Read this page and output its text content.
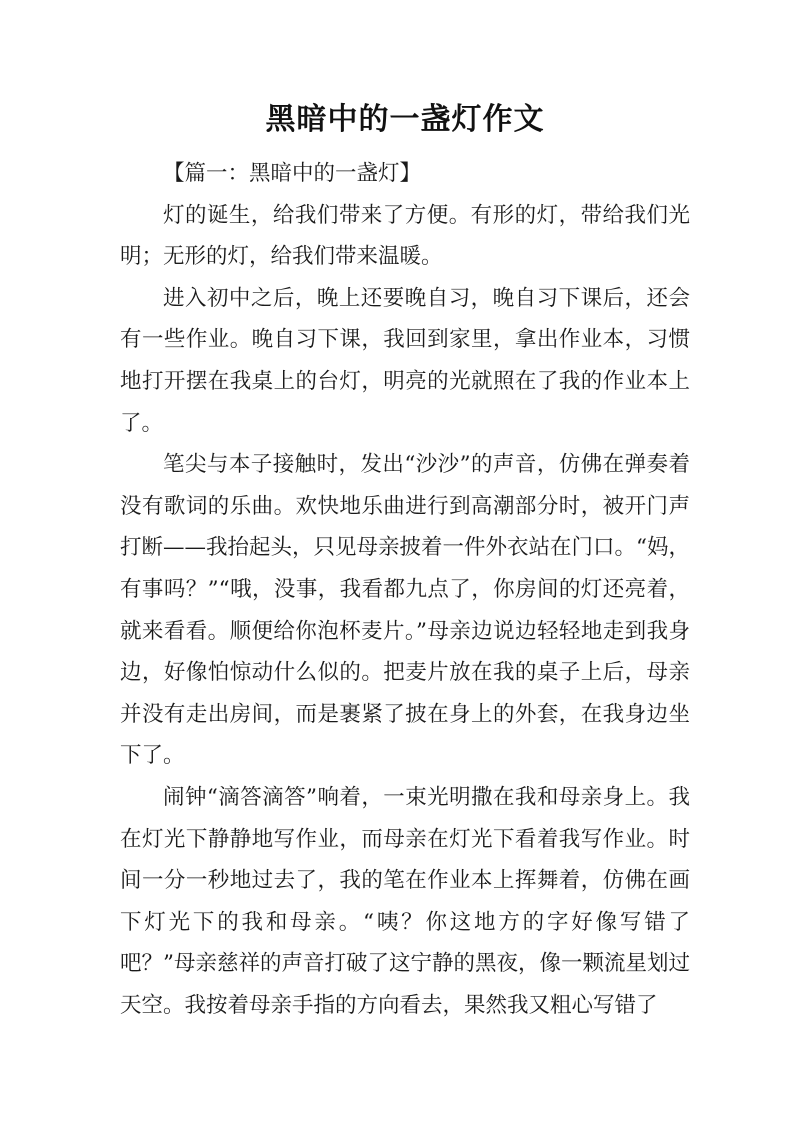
黑暗中的一盏灯作文

【篇一：黑暗中的一盏灯】

灯的诞生，给我们带来了方便。有形的灯，带给我们光明；无形的灯，给我们带来温暖。

进入初中之后，晚上还要晚自习，晚自习下课后，还会有一些作业。晚自习下课，我回到家里，拿出作业本，习惯地打开摆在我桌上的台灯，明亮的光就照在了我的作业本上了。

笔尖与本子接触时，发出“沙沙”的声音，仿佛在弹奏着没有歌词的乐曲。欢快地乐曲进行到高潮部分时，被开门声打断——我抬起头，只见母亲披着一件外衣站在门口。“妈，有事吗？”“哦，没事，我看都九点了，你房间的灯还亮着，就来看看。顺便给你泡杯麦片。”母亲边说边轻轻地走到我身边，好像怕惊动什么似的。把麦片放在我的桌子上后，母亲并没有走出房间，而是裹紧了披在身上的外套，在我身边坐下了。

闹钟“滴答滴答”响着，一束光明撒在我和母亲身上。我在灯光下静静地写作业，而母亲在灯光下看着我写作业。时间一分一秒地过去了，我的笔在作业本上挥舞着，仿佛在画下灯光下的我和母亲。“咦？你这地方的字好像写错了吧？”母亲慈祥的声音打破了这宁静的黑夜，像一颗流星划过天空。我按着母亲手指的方向看去，果然我又粗心写错了
